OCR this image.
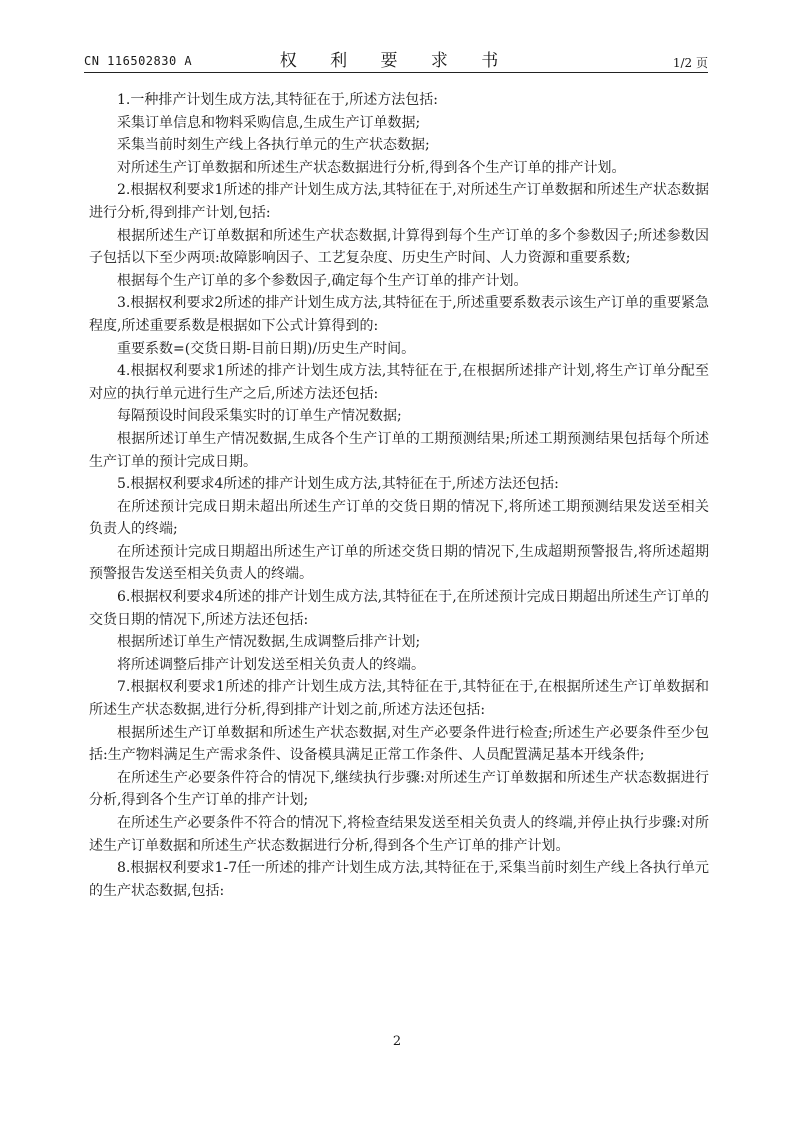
CN 116502830 A	权 利 要 求 书	1/2 页

1.一种排产计划生成方法,其特征在于,所述方法包括:

采集订单信息和物料采购信息,生成生产订单数据;

采集当前时刻生产线上各执行单元的生产状态数据;

对所述生产订单数据和所述生产状态数据进行分析,得到各个生产订单的排产计划。

2.根据权利要求1所述的排产计划生成方法,其特征在于,对所述生产订单数据和所述生产状态数据进行分析,得到排产计划,包括:

根据所述生产订单数据和所述生产状态数据,计算得到每个生产订单的多个参数因子;所述参数因子包括以下至少两项:故障影响因子、工艺复杂度、历史生产时间、人力资源和重要系数;

根据每个生产订单的多个参数因子,确定每个生产订单的排产计划。

3.根据权利要求2所述的排产计划生成方法,其特征在于,所述重要系数表示该生产订单的重要紧急程度,所述重要系数是根据如下公式计算得到的:

重要系数=(交货日期-目前日期)/历史生产时间。

4.根据权利要求1所述的排产计划生成方法,其特征在于,在根据所述排产计划,将生产订单分配至对应的执行单元进行生产之后,所述方法还包括:

每隔预设时间段采集实时的订单生产情况数据;

根据所述订单生产情况数据,生成各个生产订单的工期预测结果;所述工期预测结果包括每个所述生产订单的预计完成日期。

5.根据权利要求4所述的排产计划生成方法,其特征在于,所述方法还包括:

在所述预计完成日期未超出所述生产订单的交货日期的情况下,将所述工期预测结果发送至相关负责人的终端;

在所述预计完成日期超出所述生产订单的所述交货日期的情况下,生成超期预警报告,将所述超期预警报告发送至相关负责人的终端。

6.根据权利要求4所述的排产计划生成方法,其特征在于,在所述预计完成日期超出所述生产订单的交货日期的情况下,所述方法还包括:

根据所述订单生产情况数据,生成调整后排产计划;

将所述调整后排产计划发送至相关负责人的终端。

7.根据权利要求1所述的排产计划生成方法,其特征在于,其特征在于,在根据所述生产订单数据和所述生产状态数据,进行分析,得到排产计划之前,所述方法还包括:

根据所述生产订单数据和所述生产状态数据,对生产必要条件进行检查;所述生产必要条件至少包括:生产物料满足生产需求条件、设备模具满足正常工作条件、人员配置满足基本开线条件;

在所述生产必要条件符合的情况下,继续执行步骤:对所述生产订单数据和所述生产状态数据进行分析,得到各个生产订单的排产计划;

在所述生产必要条件不符合的情况下,将检查结果发送至相关负责人的终端,并停止执行步骤:对所述生产订单数据和所述生产状态数据进行分析,得到各个生产订单的排产计划。

8.根据权利要求1-7任一所述的排产计划生成方法,其特征在于,采集当前时刻生产线上各执行单元的生产状态数据,包括:

2
